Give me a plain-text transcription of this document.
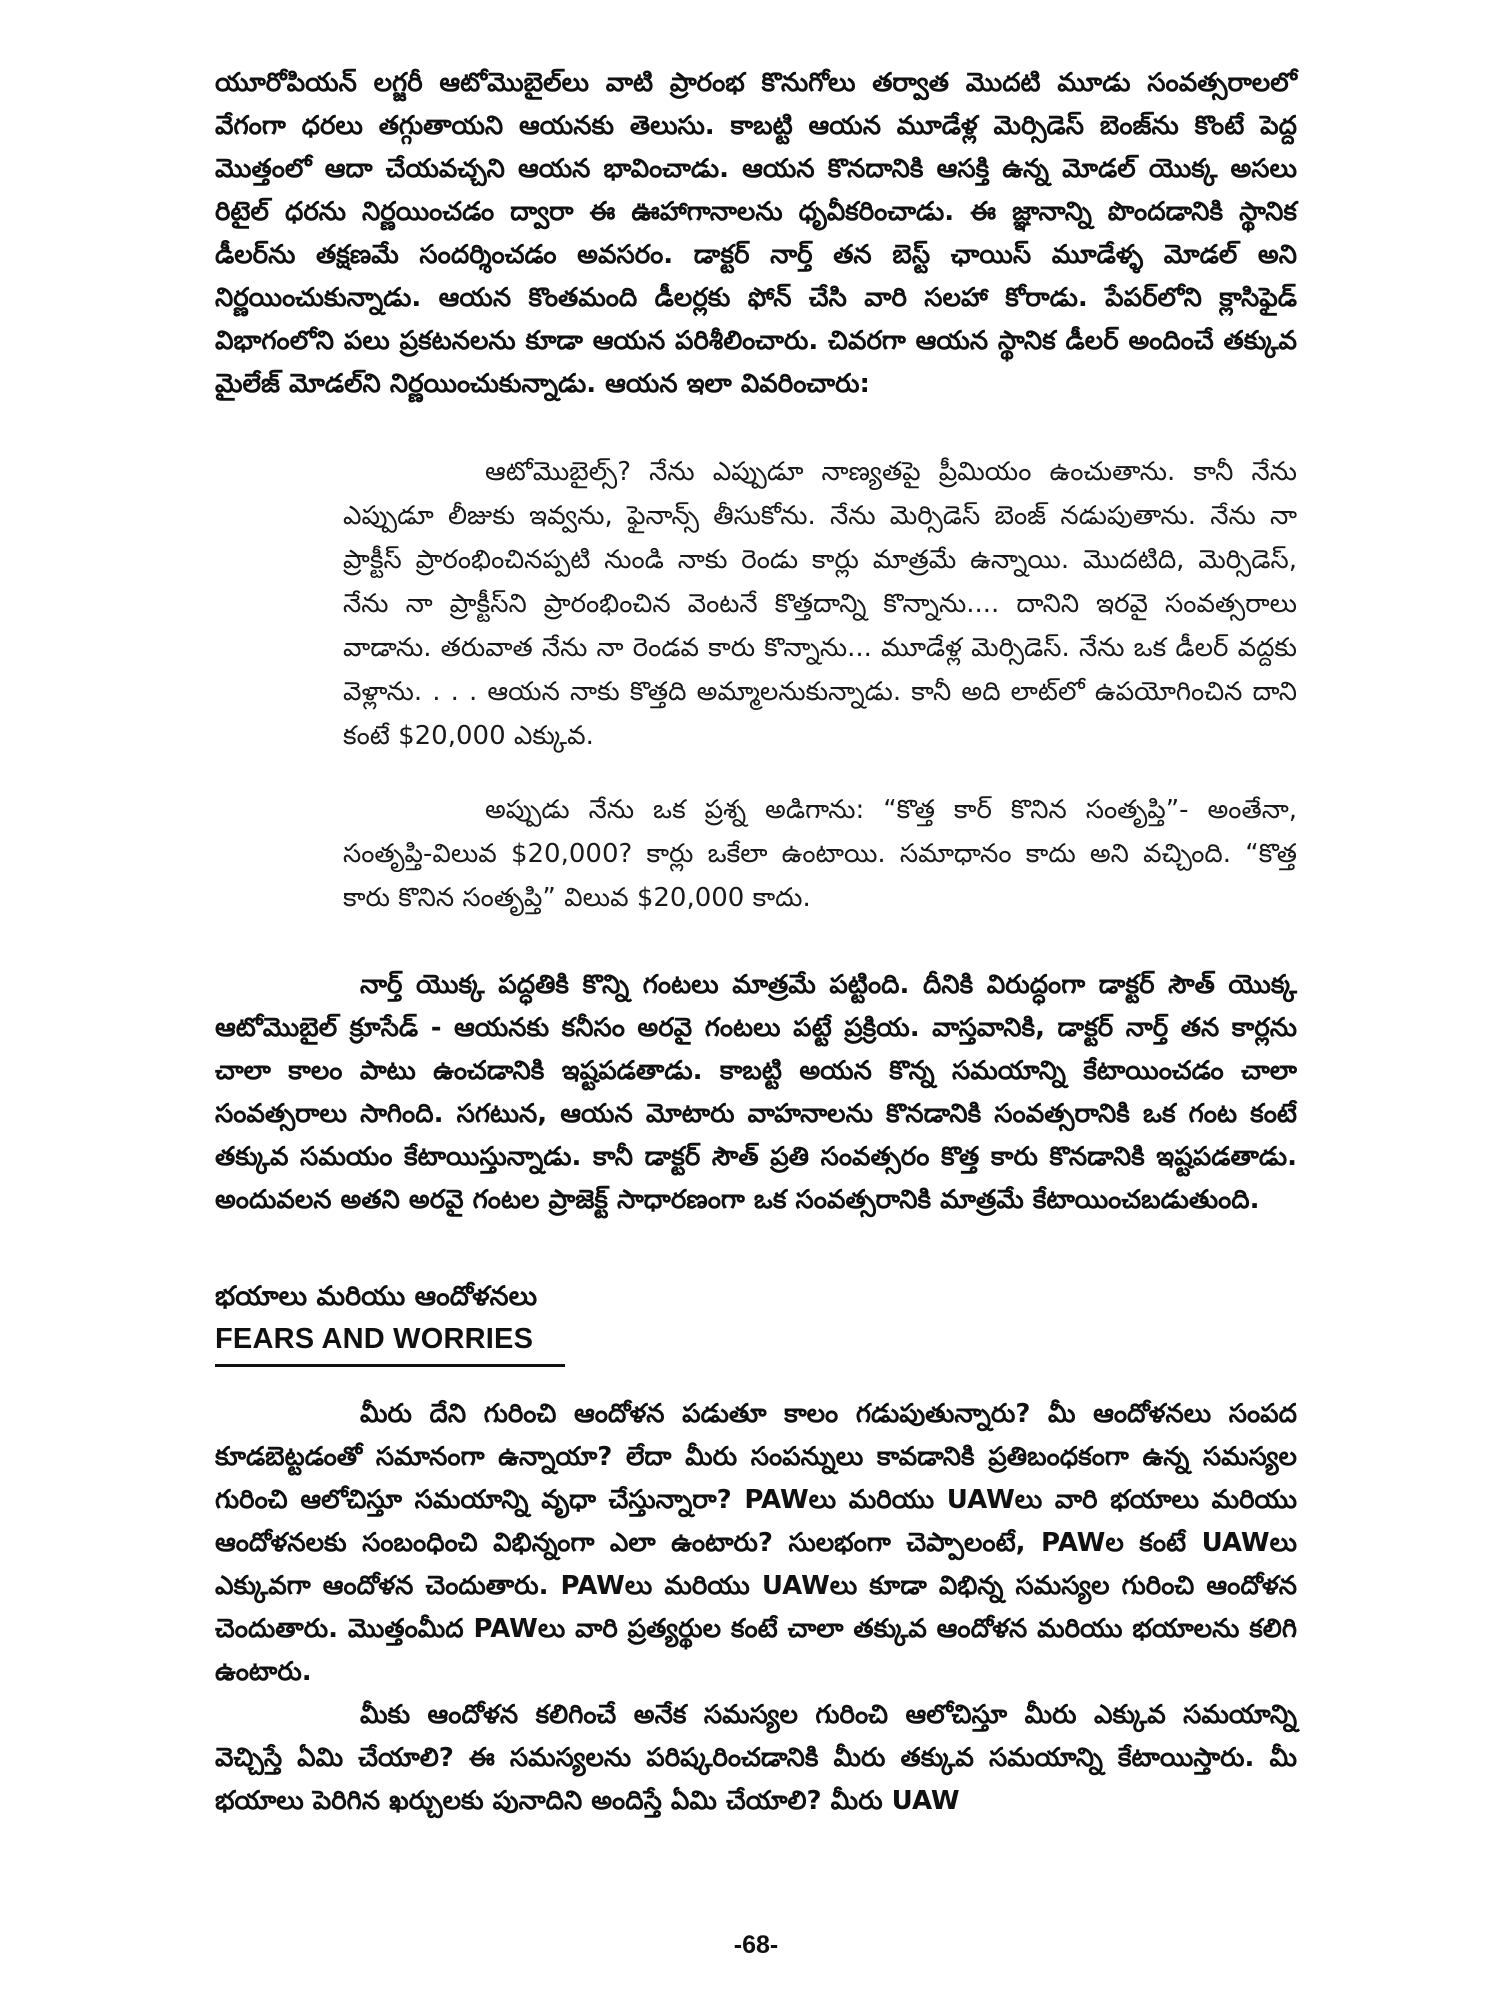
యూరోపియన్ లగ్జరీ ఆటోమొబైల్‌లు వాటి ప్రారంభ కొనుగోలు తర్వాత మొదటి మూడు సంవత్సరాలలో వేగంగా ధరలు తగ్గుతాయని ఆయనకు తెలుసు. కాబట్టి ఆయన మూడేళ్ల మెర్సిడెస్ బెంజ్‌ను కొంటే పెద్ద మొత్తంలో ఆదా చేయవచ్చని ఆయన భావించాడు. ఆయన కొనదానికి ఆసక్తి ఉన్న మోడల్ యొక్క అసలు రిటైల్ ధరను నిర్ణయించడం ద్వారా ఈ ఊహాగానాలను ధృవీకరించాడు. ఈ జ్ఞానాన్ని పొందడానికి స్థానిక డీలర్‌ను తక్షణమే సందర్శించడం అవసరం. డాక్టర్ నార్త్ తన బెస్ట్ ఛాయిస్ మూడేళ్ళ మోడల్ అని నిర్ణయించుకున్నాడు. ఆయన కొంతమంది డీలర్లకు ఫోన్ చేసి వారి సలహా కోరాడు. పేపర్‌లోని క్లాసిఫైడ్ విభాగంలోని పలు ప్రకటనలను కూడా ఆయన పరిశీలించారు. చివరగా ఆయన స్థానిక డీలర్ అందించే తక్కువ మైలేజ్ మోడల్‌ని నిర్ణయించుకున్నాడు. ఆయన ఇలా వివరించారు:

ఆటోమొబైల్స్? నేను ఎప్పుడూ నాణ్యతపై ప్రీమియం ఉంచుతాను. కానీ నేను ఎప్పుడూ లీజుకు ఇవ్వను, ఫైనాన్స్ తీసుకోను. నేను మెర్సిడెస్ బెంజ్ నడుపుతాను. నేను నా ప్రాక్టీస్ ప్రారంభించినప్పటి నుండి నాకు రెండు కార్లు మాత్రమే ఉన్నాయి. మొదటిది, మెర్సిడెస్, నేను నా ప్రాక్టీస్‌ని ప్రారంభించిన వెంటనే కొత్తదాన్ని కొన్నాను.... దానిని ఇరవై సంవత్సరాలు వాడాను. తరువాత నేను నా రెండవ కారు కొన్నాను... మూడేళ్ల మెర్సిడెస్. నేను ఒక డీలర్ వద్దకు వెళ్లాను. . . . ఆయన నాకు కొత్తది అమ్మాలనుకున్నాడు. కానీ అది లాట్‌లో ఉపయోగించిన దాని కంటే $20,000 ఎక్కువ.

అప్పుడు నేను ఒక ప్రశ్న అడిగాను: “కొత్త కార్ కొనిన సంతృప్తి”- అంతేనా, సంతృప్తి-విలువ $20,000? కార్లు ఒకేలా ఉంటాయి. సమాధానం కాదు అని వచ్చింది. “కొత్త కారు కొనిన సంతృప్తి” విలువ $20,000 కాదు.

నార్త్ యొక్క పద్ధతికి కొన్ని గంటలు మాత్రమే పట్టింది. దీనికి విరుద్ధంగా డాక్టర్ సౌత్ యొక్క ఆటోమొబైల్ క్రూసేడ్ - ఆయనకు కనీసం అరవై గంటలు పట్టే ప్రక్రియ. వాస్తవానికి, డాక్టర్ నార్త్ తన కార్లను చాలా కాలం పాటు ఉంచడానికి ఇష్టపడతాడు. కాబట్టి అయన కొన్న సమయాన్ని కేటాయించడం చాలా సంవత్సరాలు సాగింది. సగటున, ఆయన మోటారు వాహనాలను కొనడానికి సంవత్సరానికి ఒక గంట కంటే తక్కువ సమయం కేటాయిస్తున్నాడు. కానీ డాక్టర్ సౌత్ ప్రతి సంవత్సరం కొత్త కారు కొనడానికి ఇష్టపడతాడు. అందువలన అతని అరవై గంటల ప్రాజెక్ట్ సాధారణంగా ఒక సంవత్సరానికి మాత్రమే కేటాయించబడుతుంది.

భయాలు మరియు ఆందోళనలు

FEARS AND WORRIES

మీరు దేని గురించి ఆందోళన పడుతూ కాలం గడుపుతున్నారు? మీ ఆందోళనలు సంపద కూడబెట్టడంతో సమానంగా ఉన్నాయా? లేదా మీరు సంపన్నులు కావడానికి ప్రతిబంధకంగా ఉన్న సమస్యల గురించి ఆలోచిస్తూ సమయాన్ని వృధా చేస్తున్నారా? PAWలు మరియు UAWలు వారి భయాలు మరియు ఆందోళనలకు సంబంధించి విభిన్నంగా ఎలా ఉంటారు? సులభంగా చెప్పాలంటే, PAWల కంటే UAWలు ఎక్కువగా ఆందోళన చెందుతారు. PAWలు మరియు UAWలు కూడా విభిన్న సమస్యల గురించి ఆందోళన చెందుతారు. మొత్తంమీద PAWలు వారి ప్రత్యర్థుల కంటే చాలా తక్కువ ఆందోళన మరియు భయాలను కలిగి ఉంటారు.

మీకు ఆందోళన కలిగించే అనేక సమస్యల గురించి ఆలోచిస్తూ మీరు ఎక్కువ సమయాన్ని వెచ్చిస్తే ఏమి చేయాలి? ఈ సమస్యలను పరిష్కరించడానికి మీరు తక్కువ సమయాన్ని కేటాయిస్తారు. మీ భయాలు పెరిగిన ఖర్చులకు పునాదిని అందిస్తే ఏమి చేయాలి? మీరు UAW

-68-
